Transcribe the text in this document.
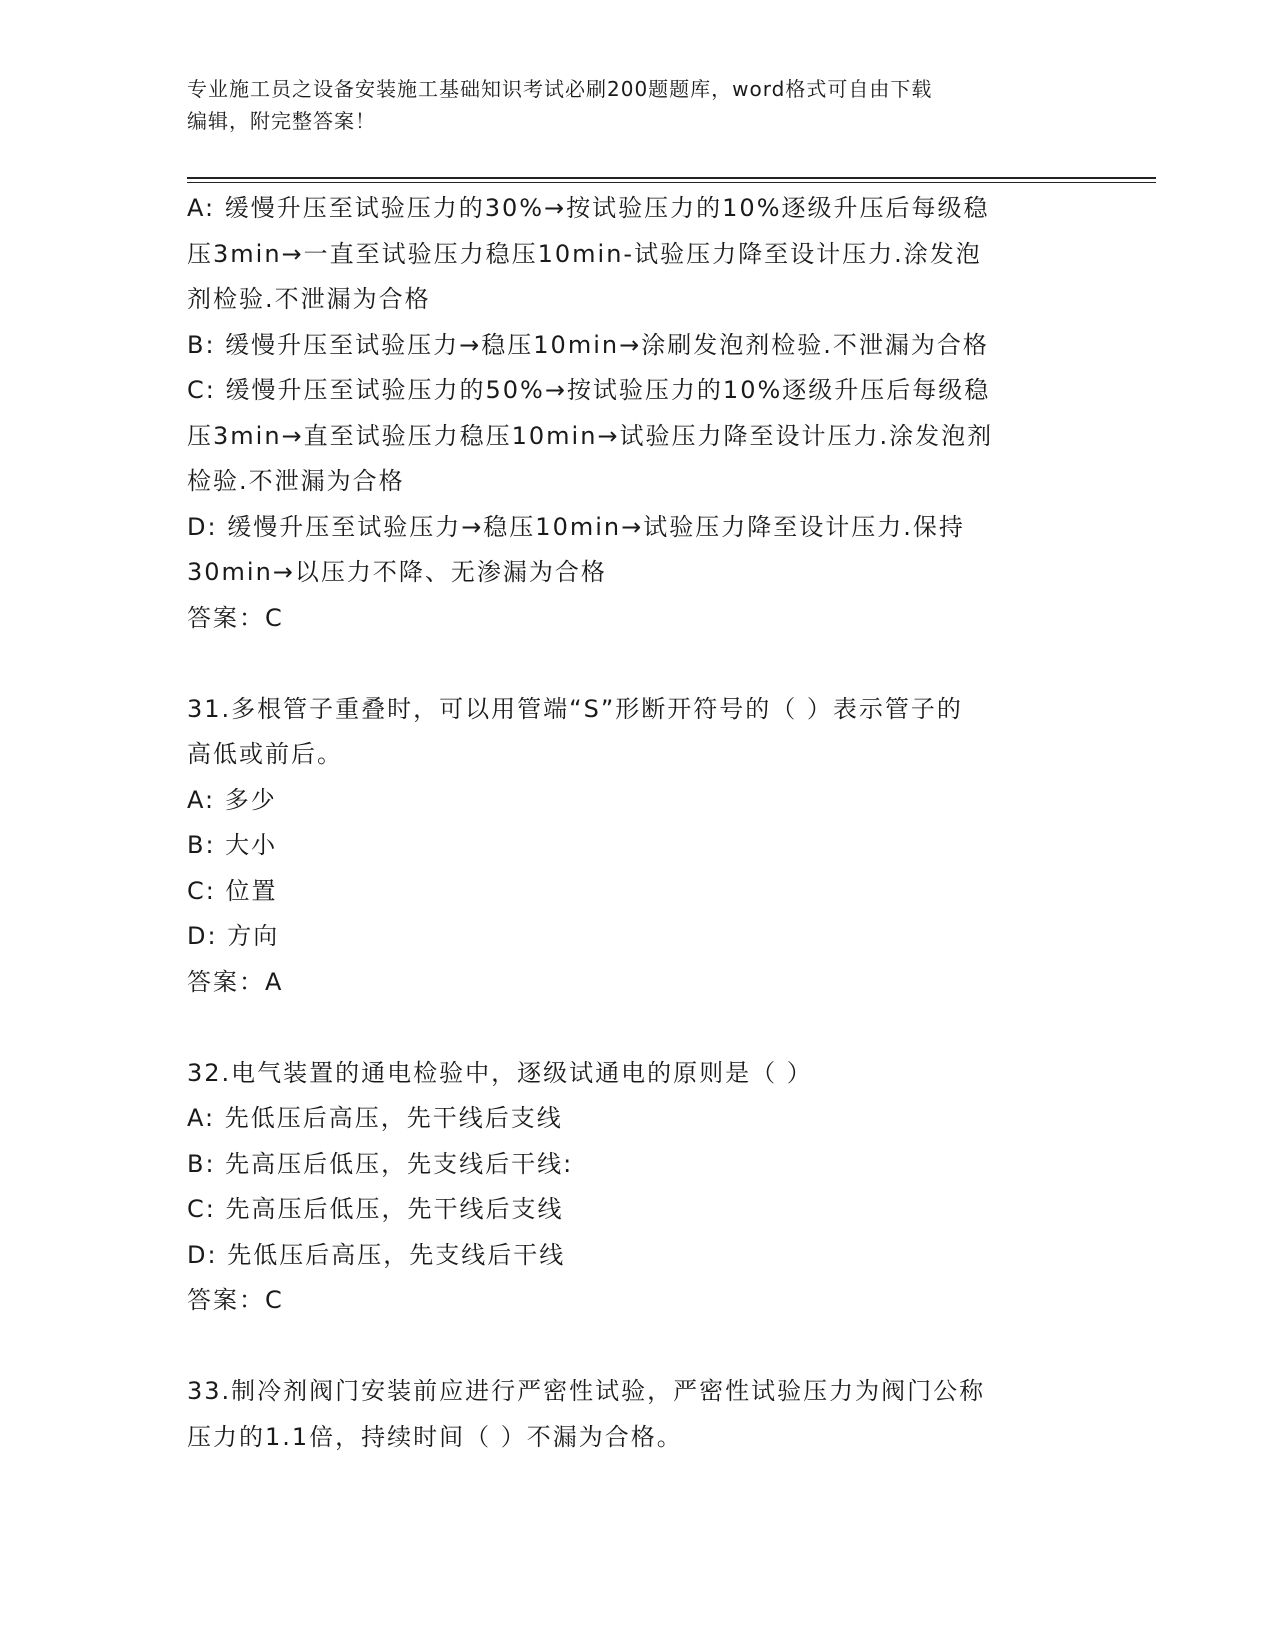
专业施工员之设备安装施工基础知识考试必刷200题题库，word格式可自由下载
编辑，附完整答案！
A: 缓慢升压至试验压力的30%→按试验压力的10%逐级升压后每级稳
压3min→一直至试验压力稳压10min-试验压力降至设计压力.涂发泡
剂检验.不泄漏为合格
B: 缓慢升压至试验压力→稳压10min→涂刷发泡剂检验.不泄漏为合格
C: 缓慢升压至试验压力的50%→按试验压力的10%逐级升压后每级稳
压3min→直至试验压力稳压10min→试验压力降至设计压力.涂发泡剂
检验.不泄漏为合格
D: 缓慢升压至试验压力→稳压10min→试验压力降至设计压力.保持
30min→以压力不降、无渗漏为合格
答案：C
31.多根管子重叠时，可以用管端“S”形断开符号的（ ）表示管子的
高低或前后。
A: 多少
B: 大小
C: 位置
D: 方向
答案：A
32.电气装置的通电检验中，逐级试通电的原则是（ ）
A: 先低压后高压，先干线后支线
B: 先高压后低压，先支线后干线:
C: 先高压后低压，先干线后支线
D: 先低压后高压，先支线后干线
答案：C
33.制冷剂阀门安装前应进行严密性试验，严密性试验压力为阀门公称
压力的1.1倍，持续时间（ ）不漏为合格。
